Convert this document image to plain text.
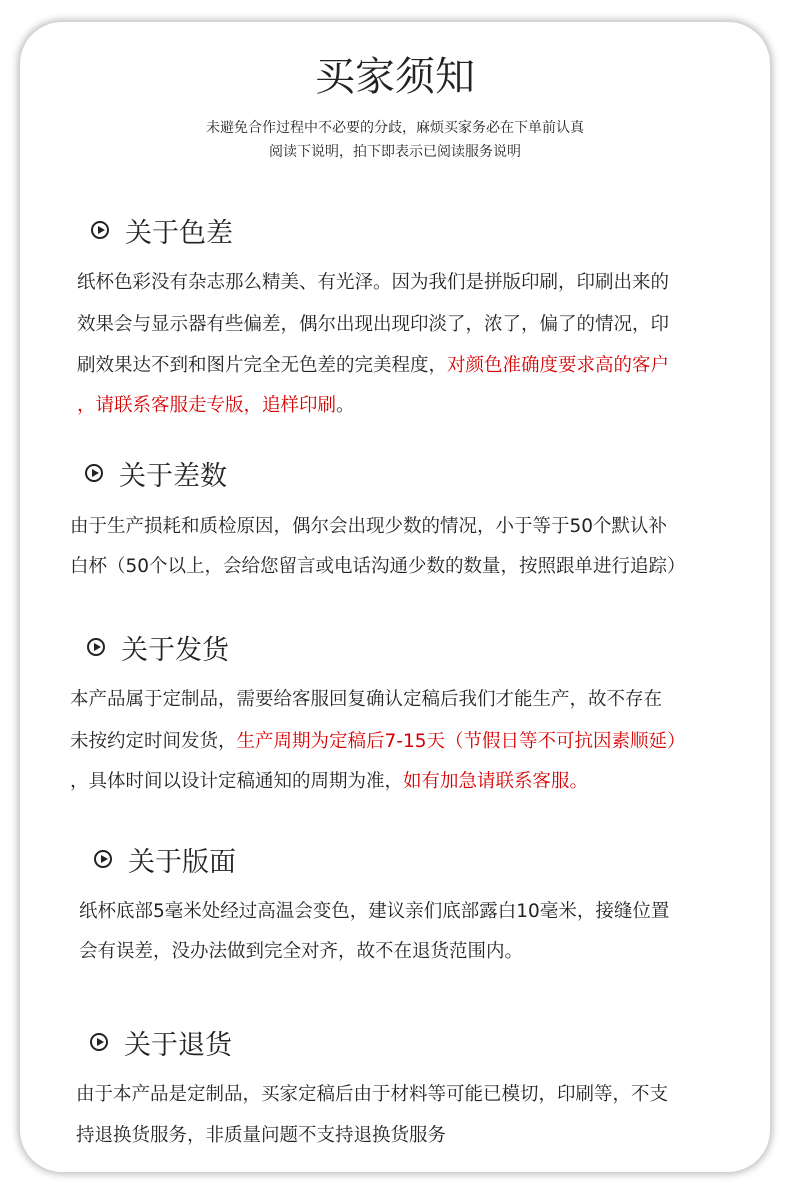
买家须知
未避免合作过程中不必要的分歧，麻烦买家务必在下单前认真
阅读下说明，拍下即表示已阅读服务说明
关于色差
纸杯色彩没有杂志那么精美、有光泽。因为我们是拼版印刷，印刷出来的
效果会与显示器有些偏差，偶尔出现出现印淡了，浓了，偏了的情况，印
刷效果达不到和图片完全无色差的完美程度，对颜色准确度要求高的客户
，请联系客服走专版，追样印刷。
关于差数
由于生产损耗和质检原因，偶尔会出现少数的情况，小于等于50个默认补
白杯（50个以上，会给您留言或电话沟通少数的数量，按照跟单进行追踪）
关于发货
本产品属于定制品，需要给客服回复确认定稿后我们才能生产，故不存在
未按约定时间发货，生产周期为定稿后7-15天（节假日等不可抗因素顺延）
，具体时间以设计定稿通知的周期为准，如有加急请联系客服。
关于版面
纸杯底部5毫米处经过高温会变色，建议亲们底部露白10毫米，接缝位置
会有误差，没办法做到完全对齐，故不在退货范围内。
关于退货
由于本产品是定制品，买家定稿后由于材料等可能已模切，印刷等，不支
持退换货服务，非质量问题不支持退换货服务
